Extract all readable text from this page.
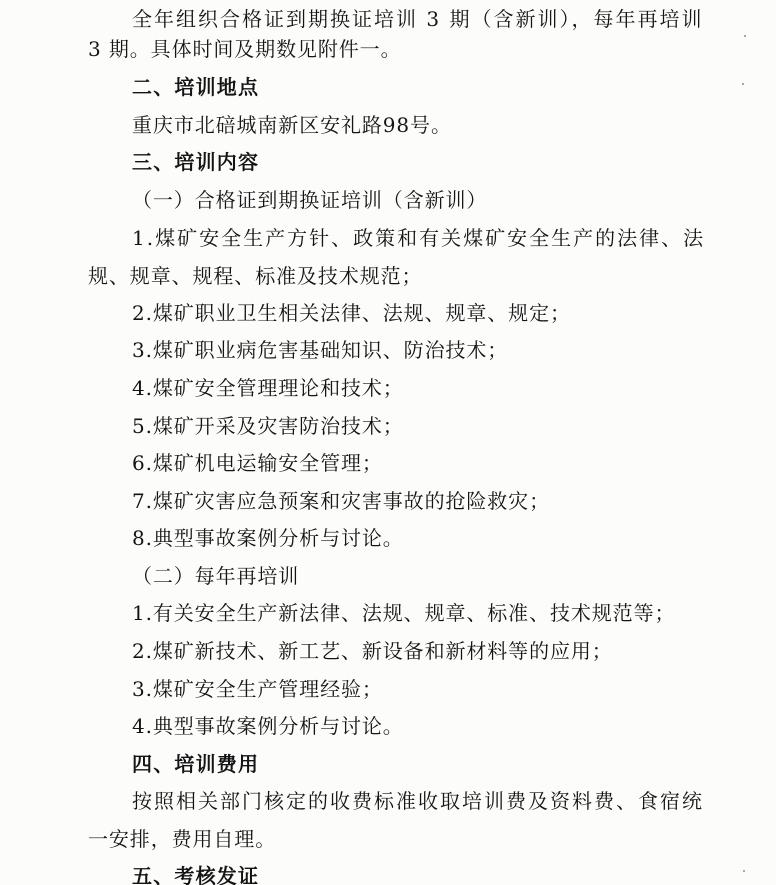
全年组织合格证到期换证培训 3 期（含新训），每年再培训
3 期。具体时间及期数见附件一。
二、培训地点
重庆市北碚城南新区安礼路98号。
三、培训内容
（一）合格证到期换证培训（含新训）
1.煤矿安全生产方针、政策和有关煤矿安全生产的法律、法
规、规章、规程、标准及技术规范；
2.煤矿职业卫生相关法律、法规、规章、规定；
3.煤矿职业病危害基础知识、防治技术；
4.煤矿安全管理理论和技术；
5.煤矿开采及灾害防治技术；
6.煤矿机电运输安全管理；
7.煤矿灾害应急预案和灾害事故的抢险救灾；
8.典型事故案例分析与讨论。
（二）每年再培训
1.有关安全生产新法律、法规、规章、标准、技术规范等；
2.煤矿新技术、新工艺、新设备和新材料等的应用；
3.煤矿安全生产管理经验；
4.典型事故案例分析与讨论。
四、培训费用
按照相关部门核定的收费标准收取培训费及资料费、食宿统
一安排，费用自理。
五、考核发证
